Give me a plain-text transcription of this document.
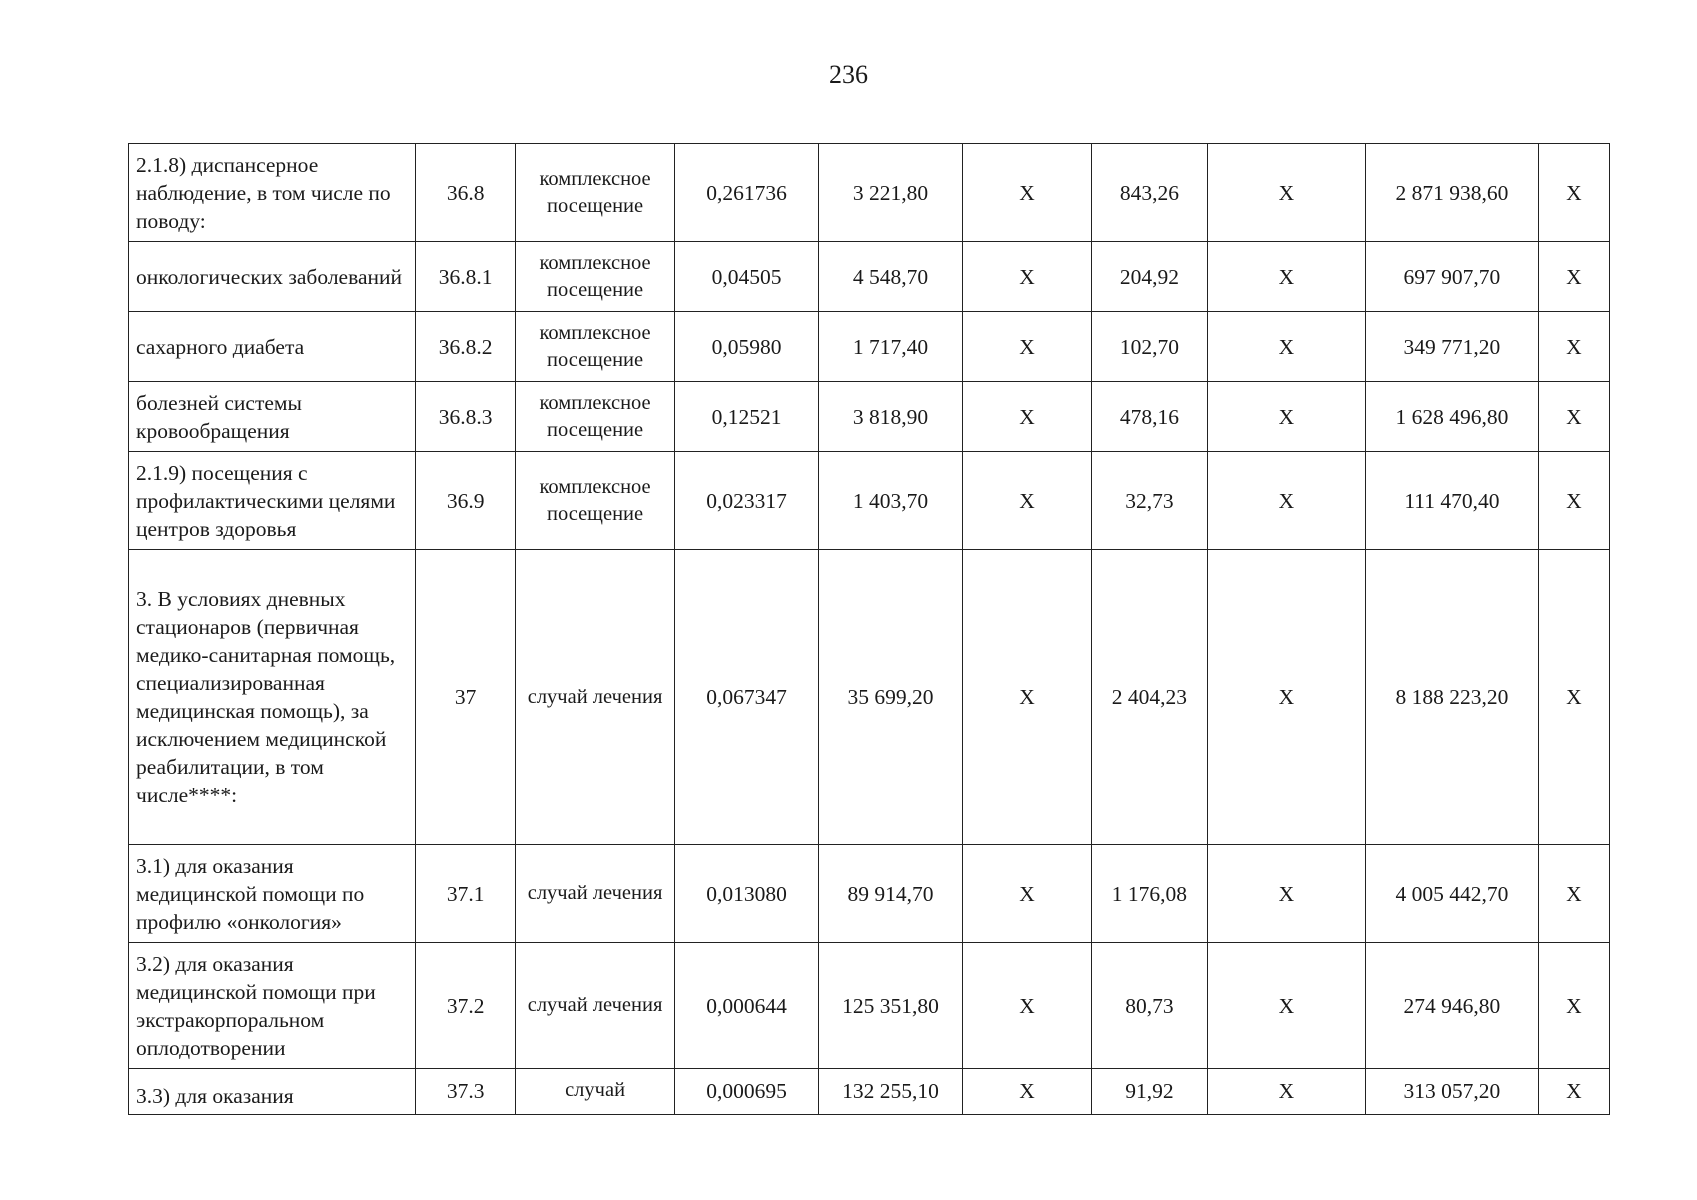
236
2.1.8) диспансерное наблюдение, в том числе по поводу:	36.8	комплексное посещение	0,261736	3 221,80	X	843,26	X	2 871 938,60	X
онкологических заболеваний	36.8.1	комплексное посещение	0,04505	4 548,70	X	204,92	X	697 907,70	X
сахарного диабета	36.8.2	комплексное посещение	0,05980	1 717,40	X	102,70	X	349 771,20	X
болезней системы кровообращения	36.8.3	комплексное посещение	0,12521	3 818,90	X	478,16	X	1 628 496,80	X
2.1.9) посещения с профилактическими целями центров здоровья	36.9	комплексное посещение	0,023317	1 403,70	X	32,73	X	111 470,40	X
3. В условиях дневных стационаров (первичная медико-санитарная помощь, специализированная медицинская помощь), за исключением медицинской реабилитации, в том числе****:	37	случай лечения	0,067347	35 699,20	X	2 404,23	X	8 188 223,20	X
3.1) для оказания медицинской помощи по профилю «онкология»	37.1	случай лечения	0,013080	89 914,70	X	1 176,08	X	4 005 442,70	X
3.2) для оказания медицинской помощи при экстракорпоральном оплодотворении	37.2	случай лечения	0,000644	125 351,80	X	80,73	X	274 946,80	X
3.3) для оказания	37.3	случай	0,000695	132 255,10	X	91,92	X	313 057,20	X
